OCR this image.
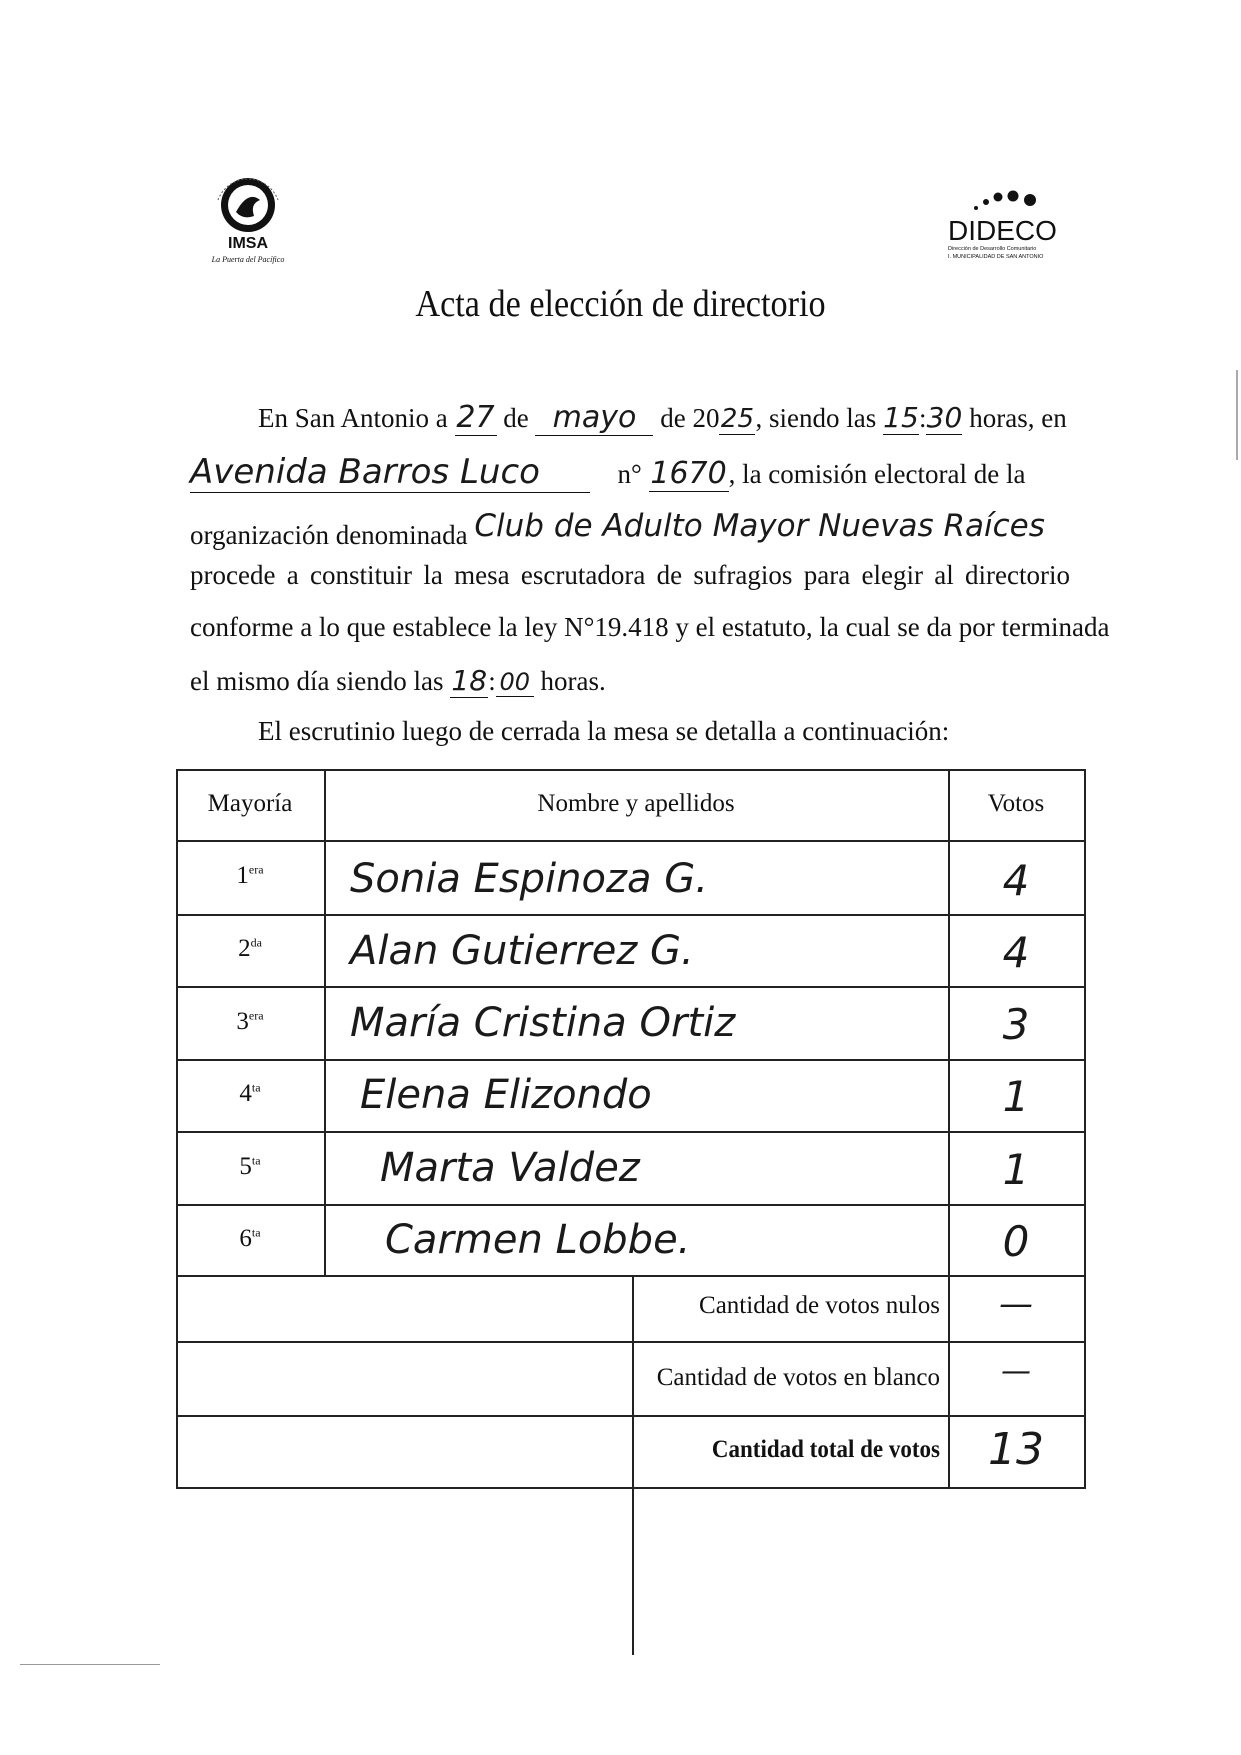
IMSA
La Puerta del Pacífico
DIDECO
Dirección de Desarrollo Comunitario
I. MUNICIPALIDAD DE SAN ANTONIO
Acta de elección de directorio
En San Antonio a 27 de mayo de 2025, siendo las 15:30 horas, en
Avenida Barros Luco	n° 1670, la comisión electoral de la
organización denominada Club de Adulto Mayor Nuevas Raíces
procede a constituir la mesa escrutadora de sufragios para elegir al directorio
conforme a lo que establece la ley N°19.418 y el estatuto, la cual se da por terminada
el mismo día siendo las 18: 00 horas.
El escrutinio luego de cerrada la mesa se detalla a continuación:
Mayoría	Nombre y apellidos	Votos
$1^{era}$	Sonia Espinoza G.	4
$2^{da}$	Alan Gutierrez G.	4
$3^{era}$	María Cristina Ortiz	3
$4^{ta}$	Elena Elizondo	1
$5^{ta}$	Marta Valdez	1
$6^{ta}$	Carmen Lobbe.	0
Cantidad de votos nulos	—
Cantidad de votos en blanco	—
Cantidad total de votos	13
